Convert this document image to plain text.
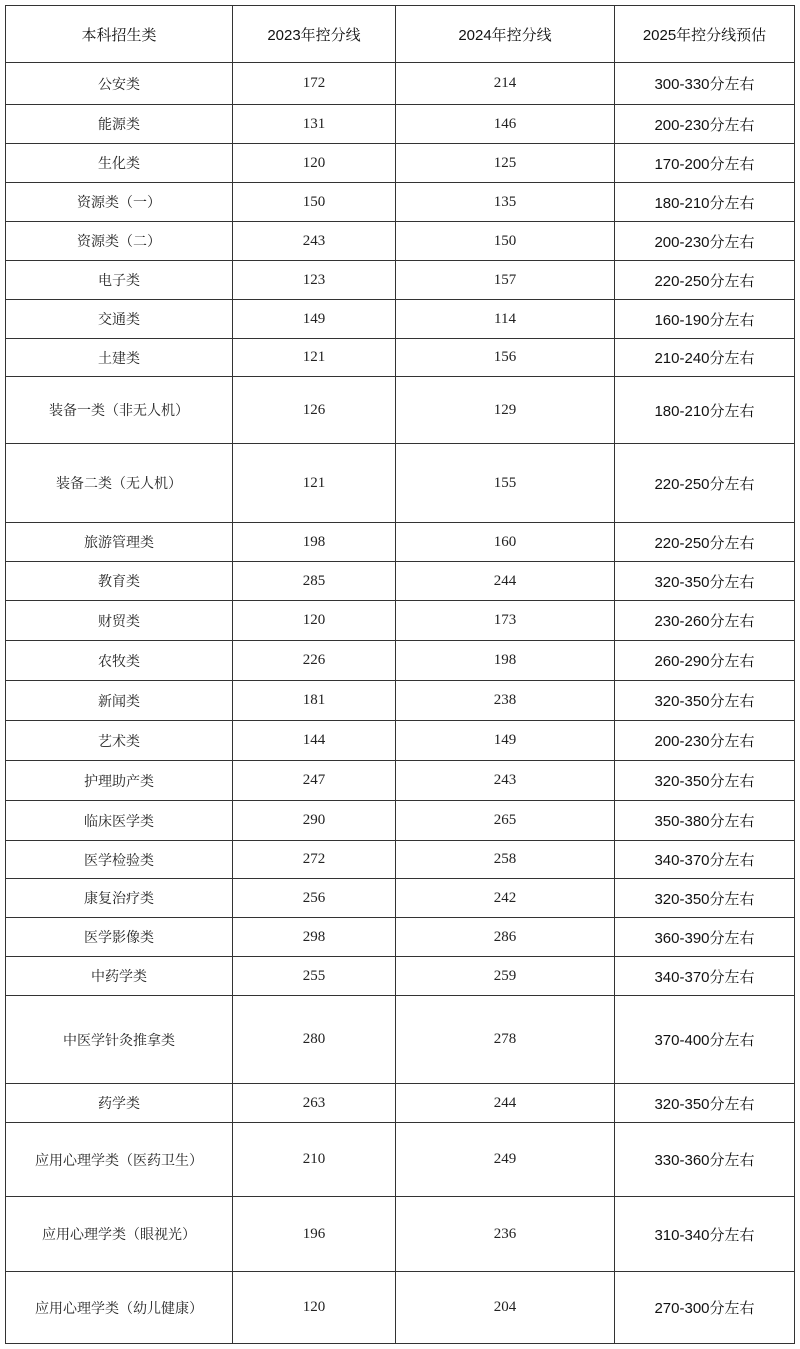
本科招生类	2023年控分线	2024年控分线	2025年控分线预估
公安类	172	214	300-330分左右
能源类	131	146	200-230分左右
生化类	120	125	170-200分左右
资源类（一）	150	135	180-210分左右
资源类（二）	243	150	200-230分左右
电子类	123	157	220-250分左右
交通类	149	114	160-190分左右
土建类	121	156	210-240分左右
装备一类（非无人机）	126	129	180-210分左右
装备二类（无人机）	121	155	220-250分左右
旅游管理类	198	160	220-250分左右
教育类	285	244	320-350分左右
财贸类	120	173	230-260分左右
农牧类	226	198	260-290分左右
新闻类	181	238	320-350分左右
艺术类	144	149	200-230分左右
护理助产类	247	243	320-350分左右
临床医学类	290	265	350-380分左右
医学检验类	272	258	340-370分左右
康复治疗类	256	242	320-350分左右
医学影像类	298	286	360-390分左右
中药学类	255	259	340-370分左右
中医学针灸推拿类	280	278	370-400分左右
药学类	263	244	320-350分左右
应用心理学类（医药卫生）	210	249	330-360分左右
应用心理学类（眼视光）	196	236	310-340分左右
应用心理学类（幼儿健康）	120	204	270-300分左右
